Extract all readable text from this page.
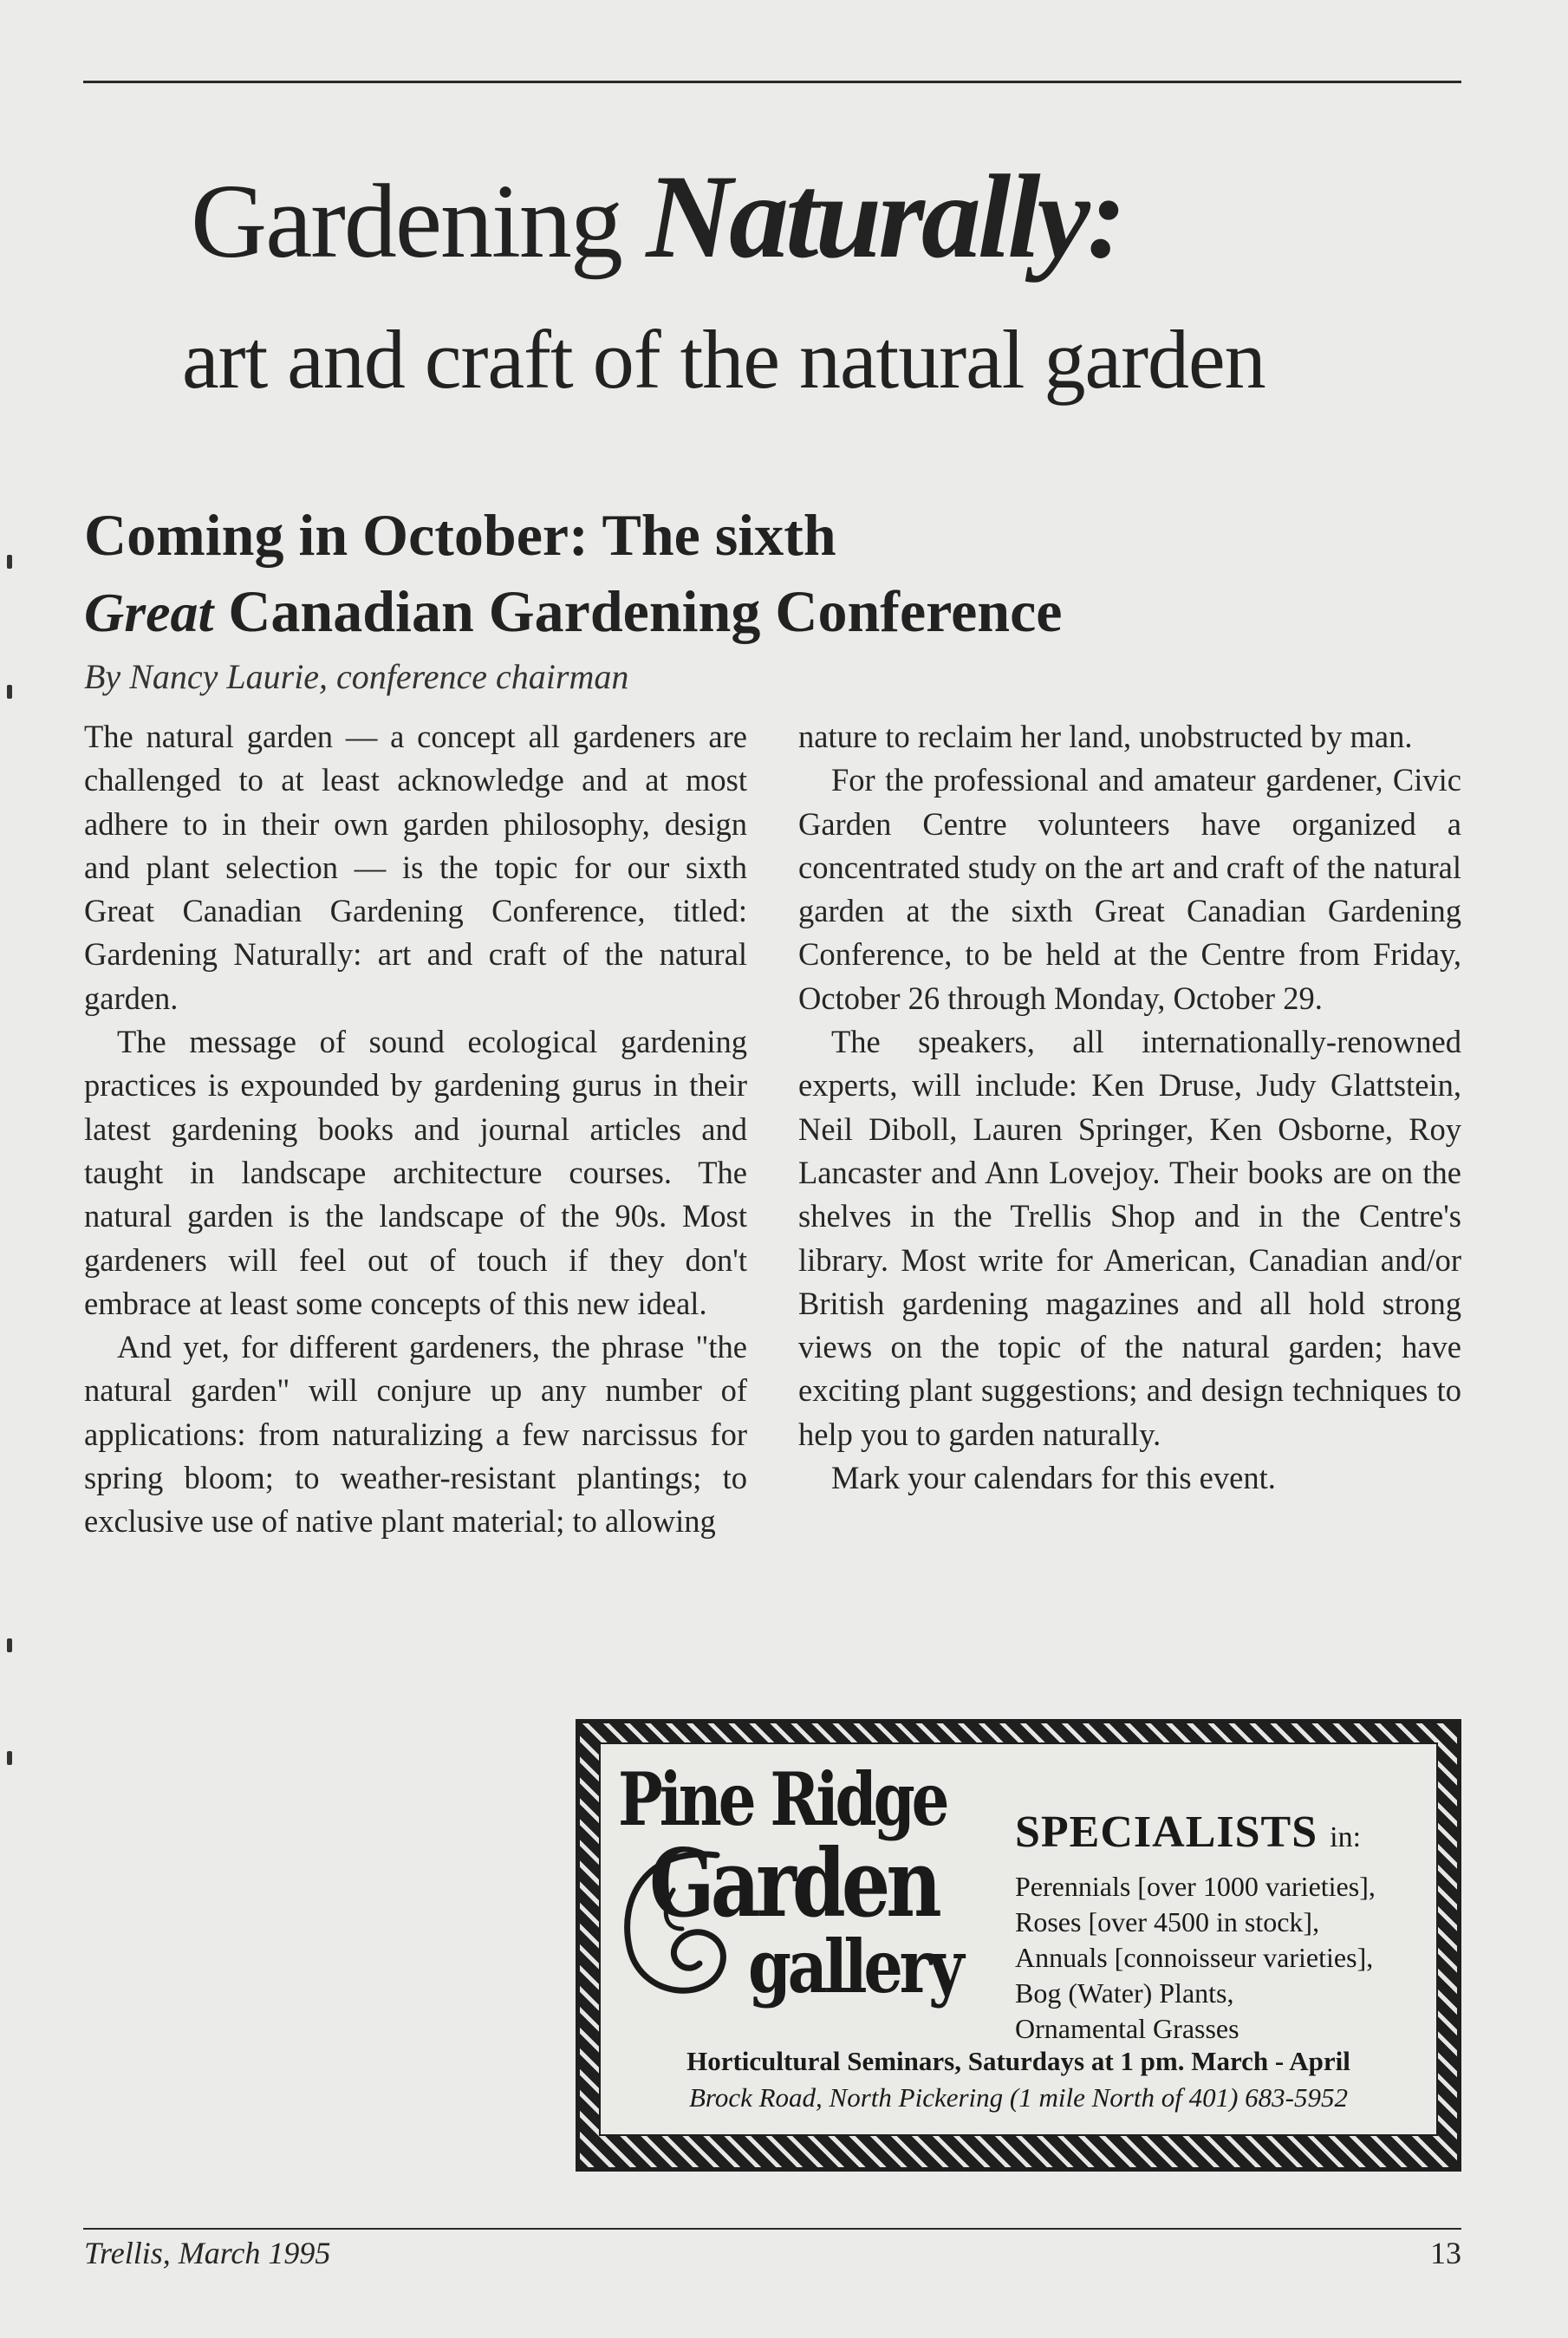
Gardening Naturally:
art and craft of the natural garden
Coming in October: The sixth
Great Canadian Gardening Conference
By Nancy Laurie, conference chairman

The natural garden — a concept all gardeners are challenged to at least acknowledge and at most adhere to in their own garden philosophy, design and plant selection — is the topic for our sixth Great Canadian Gardening Conference, titled: Gardening Naturally: art and craft of the natural garden.

The message of sound ecological gardening practices is expounded by gardening gurus in their latest gardening books and journal articles and taught in landscape architecture courses. The natural garden is the landscape of the 90s. Most gardeners will feel out of touch if they don't embrace at least some concepts of this new ideal.

And yet, for different gardeners, the phrase "the natural garden" will conjure up any number of applications: from naturalizing a few narcissus for spring bloom; to weather-resistant plantings; to exclusive use of native plant material; to allowing

nature to reclaim her land, unobstructed by man.

For the professional and amateur gardener, Civic Garden Centre volunteers have organized a concentrated study on the art and craft of the natural garden at the sixth Great Canadian Gardening Conference, to be held at the Centre from Friday, October 26 through Monday, October 29.

The speakers, all internationally-renowned experts, will include: Ken Druse, Judy Glattstein, Neil Diboll, Lauren Springer, Ken Osborne, Roy Lancaster and Ann Lovejoy. Their books are on the shelves in the Trellis Shop and in the Centre's library. Most write for American, Canadian and/or British gardening magazines and all hold strong views on the topic of the natural garden; have exciting plant suggestions; and design techniques to help you to garden naturally.

Mark your calendars for this event.

Pine Ridge
Garden
gallery
SPECIALISTS in:
Perennials [over 1000 varieties],
Roses [over 4500 in stock],
Annuals [connoisseur varieties],
Bog (Water) Plants,
Ornamental Grasses
Horticultural Seminars, Saturdays at 1 pm. March - April
Brock Road, North Pickering (1 mile North of 401) 683-5952
Trellis, March 1995	13
